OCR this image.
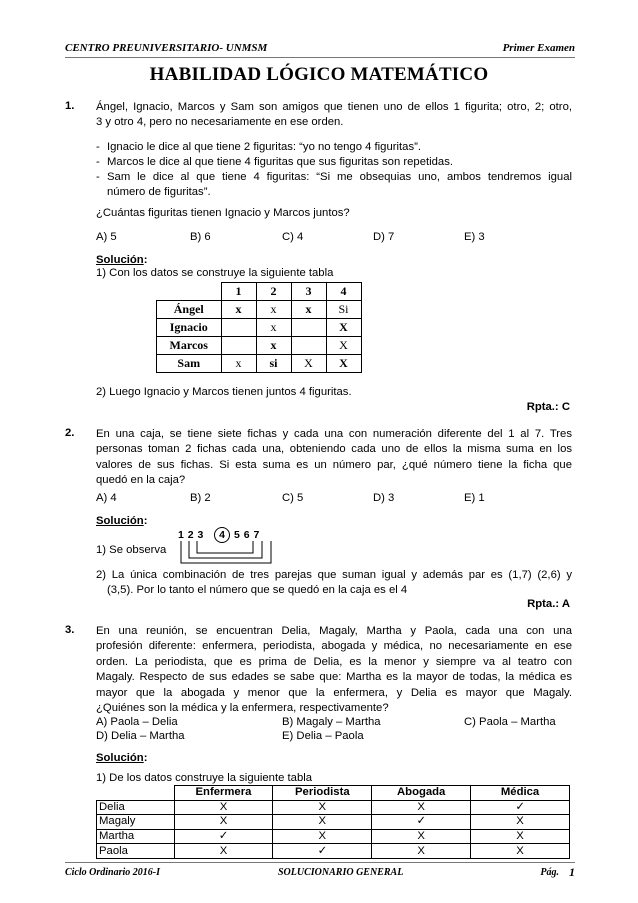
CENTRO PREUNIVERSITARIO- UNMSM	Primer Examen
HABILIDAD LÓGICO MATEMÁTICO
1. Ángel, Ignacio, Marcos y Sam son amigos que tienen uno de ellos 1 figurita; otro, 2; otro,
3 y otro 4, pero no necesariamente en ese orden.
- Ignacio le dice al que tiene 2 figuritas: “yo no tengo 4 figuritas”.
- Marcos le dice al que tiene 4 figuritas que sus figuritas son repetidas.
- Sam le dice al que tiene 4 figuritas: “Si me obsequias uno, ambos tendremos igual
número de figuritas”.
¿Cuántas figuritas tienen Ignacio y Marcos juntos?
A) 5	B) 6	C) 4	D) 7	E) 3
Solución:
1) Con los datos se construye la siguiente tabla
	1	2	3	4
Ángel	x	x	x	Si
Ignacio		x		X
Marcos		x		X
Sam	x	si	X	X
2) Luego Ignacio y Marcos tienen juntos 4 figuritas.
Rpta.: C
2. En una caja, se tiene siete fichas y cada una con numeración diferente del 1 al 7. Tres
personas toman 2 fichas cada una, obteniendo cada uno de ellos la misma suma en los
valores de sus fichas. Si esta suma es un número par, ¿qué número tiene la ficha que
quedó en la caja?
A) 4	B) 2	C) 5	D) 3	E) 1
Solución:
1) Se observa
1 2 3	4 5 6 7
2) La única combinación de tres parejas que suman igual y además par es (1,7) (2,6) y
(3,5). Por lo tanto el número que se quedó en la caja es el 4
Rpta.: A
3. En una reunión, se encuentran Delia, Magaly, Martha y Paola, cada una con una
profesión diferente: enfermera, periodista, abogada y médica, no necesariamente en ese
orden. La periodista, que es prima de Delia, es la menor y siempre va al teatro con
Magaly. Respecto de sus edades se sabe que: Martha es la mayor de todas, la médica es
mayor que la abogada y menor que la enfermera, y Delia es mayor que Magaly.
¿Quiénes son la médica y la enfermera, respectivamente?
A) Paola – Delia	B) Magaly – Martha	C) Paola – Martha
D) Delia – Martha	E) Delia – Paola
Solución:
1) De los datos construye la siguiente tabla
	Enfermera	Periodista	Abogada	Médica
Delia	X	X	X	✓
Magaly	X	X	✓	X
Martha	✓	X	X	X
Paola	X	✓	X	X
Ciclo Ordinario 2016-I	SOLUCIONARIO GENERAL	Pág. 1
